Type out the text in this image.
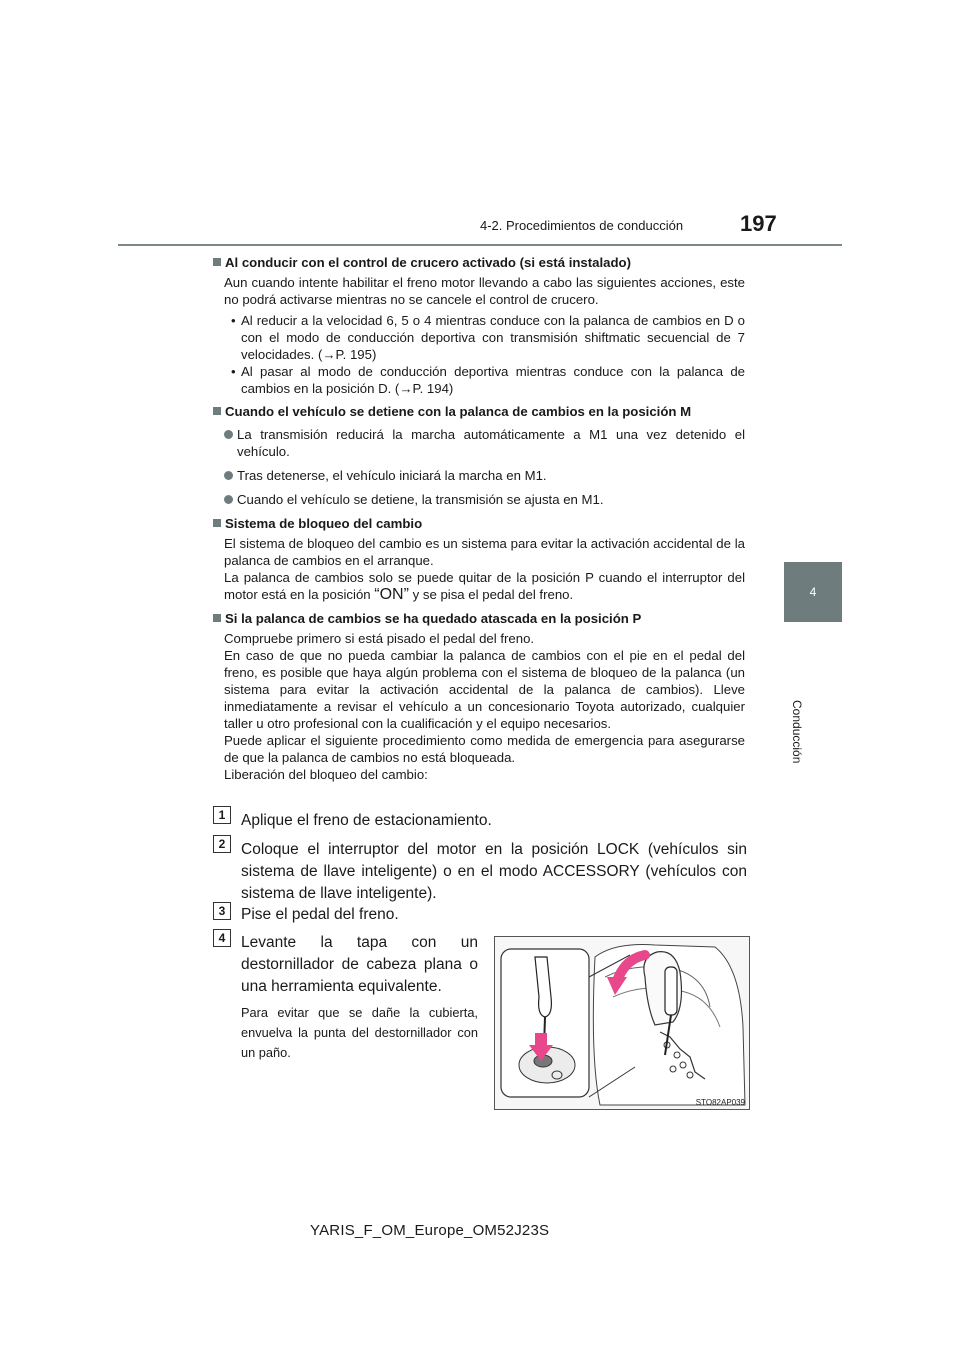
4-2. Procedimientos de conducción	197
4
Conducción
Al conducir con el control de crucero activado (si está instalado)
Aun cuando intente habilitar el freno motor llevando a cabo las siguientes acciones, este no podrá activarse mientras no se cancele el control de crucero.
• Al reducir a la velocidad 6, 5 o 4 mientras conduce con la palanca de cambios en D o con el modo de conducción deportiva con transmisión shiftmatic secuencial de 7 velocidades. (→P. 195)
• Al pasar al modo de conducción deportiva mientras conduce con la palanca de cambios en la posición D. (→P. 194)
Cuando el vehículo se detiene con la palanca de cambios en la posición M
La transmisión reducirá la marcha automáticamente a M1 una vez detenido el vehículo.
Tras detenerse, el vehículo iniciará la marcha en M1.
Cuando el vehículo se detiene, la transmisión se ajusta en M1.
Sistema de bloqueo del cambio
El sistema de bloqueo del cambio es un sistema para evitar la activación accidental de la palanca de cambios en el arranque.
La palanca de cambios solo se puede quitar de la posición P cuando el interruptor del motor está en la posición “ON” y se pisa el pedal del freno.
Si la palanca de cambios se ha quedado atascada en la posición P
Compruebe primero si está pisado el pedal del freno.
En caso de que no pueda cambiar la palanca de cambios con el pie en el pedal del freno, es posible que haya algún problema con el sistema de bloqueo de la palanca (un sistema para evitar la activación accidental de la palanca de cambios). Lleve inmediatamente a revisar el vehículo a un concesionario Toyota autorizado, cualquier taller u otro profesional con la cualificación y el equipo necesarios.
Puede aplicar el siguiente procedimiento como medida de emergencia para asegurarse de que la palanca de cambios no está bloqueada.
Liberación del bloqueo del cambio:
1	Aplique el freno de estacionamiento.
2	Coloque el interruptor del motor en la posición LOCK (vehículos sin sistema de llave inteligente) o en el modo ACCESSORY (vehículos con sistema de llave inteligente).
3	Pise el pedal del freno.
4	Levante la tapa con un destornillador de cabeza plana o una herramienta equivalente.
Para evitar que se dañe la cubierta, envuelva la punta del destornillador con un paño.
STO82AP039
YARIS_F_OM_Europe_OM52J23S
